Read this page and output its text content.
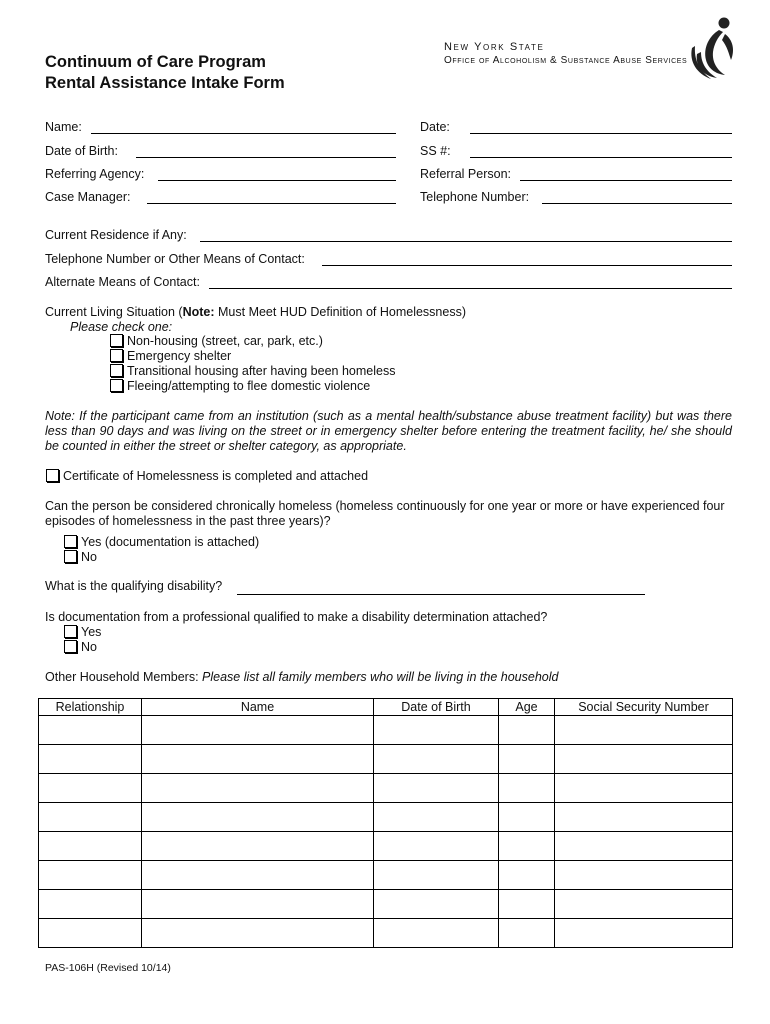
Continuum of Care Program
Rental Assistance Intake Form
New York State
Office of Alcoholism & Substance Abuse Services
Name:	Date:
Date of Birth:	SS #:
Referring Agency:	Referral Person:
Case Manager:	Telephone Number:
Current Residence if Any:
Telephone Number or Other Means of Contact:
Alternate Means of Contact:
Current Living Situation (Note: Must Meet HUD Definition of Homelessness)
Please check one:
Non-housing (street, car, park, etc.)
Emergency shelter
Transitional housing after having been homeless
Fleeing/attempting to flee domestic violence
Note: If the participant came from an institution (such as a mental health/substance abuse treatment facility) but was there less than 90 days and was living on the street or in emergency shelter before entering the treatment facility, he/ she should be counted in either the street or shelter category, as appropriate.
Certificate of Homelessness is completed and attached
Can the person be considered chronically homeless (homeless continuously for one year or more or have experienced four episodes of homelessness in the past three years)?
Yes (documentation is attached)
No
What is the qualifying disability?
Is documentation from a professional qualified to make a disability determination attached?
Yes
No
Other Household Members: Please list all family members who will be living in the household
Relationship	Name	Date of Birth	Age	Social Security Number

PAS-106H (Revised 10/14)
